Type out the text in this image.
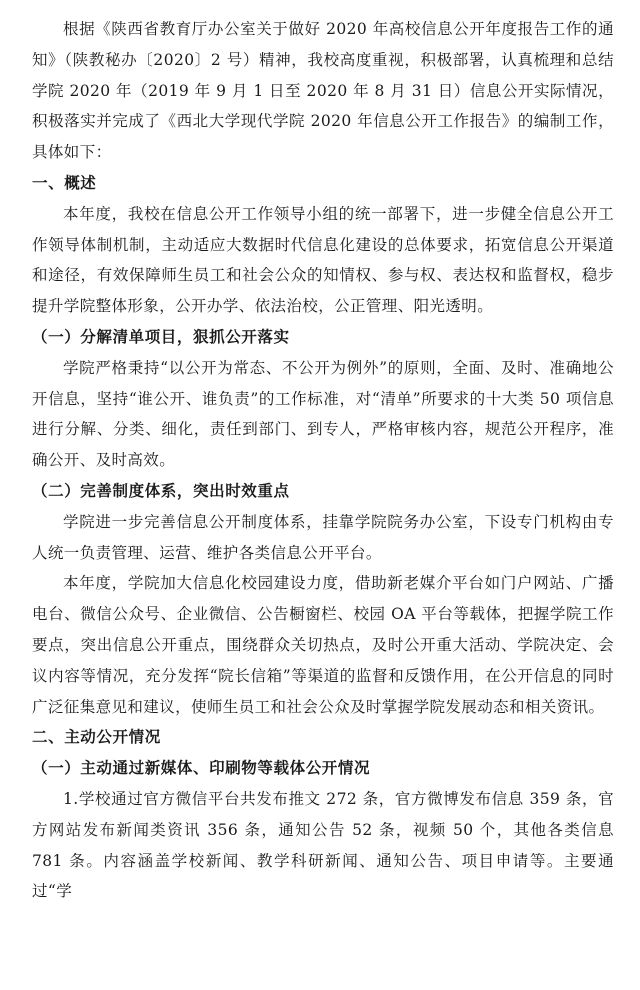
根据《陕西省教育厅办公室关于做好 2020 年高校信息公开年度报告工作的通知》（陕教秘办〔2020〕2 号）精神，我校高度重视，积极部署，认真梳理和总结学院 2020 年（2019 年 9 月 1 日至 2020 年 8 月 31 日）信息公开实际情况，积极落实并完成了《西北大学现代学院 2020 年信息公开工作报告》的编制工作，具体如下：

一、概述

本年度，我校在信息公开工作领导小组的统一部署下，进一步健全信息公开工作领导体制机制，主动适应大数据时代信息化建设的总体要求，拓宽信息公开渠道和途径，有效保障师生员工和社会公众的知情权、参与权、表达权和监督权，稳步提升学院整体形象，公开办学、依法治校，公正管理、阳光透明。

（一）分解清单项目，狠抓公开落实

学院严格秉持“以公开为常态、不公开为例外”的原则，全面、及时、准确地公开信息，坚持“谁公开、谁负责”的工作标准，对“清单”所要求的十大类 50 项信息进行分解、分类、细化，责任到部门、到专人，严格审核内容，规范公开程序，准确公开、及时高效。

（二）完善制度体系，突出时效重点

学院进一步完善信息公开制度体系，挂靠学院院务办公室，下设专门机构由专人统一负责管理、运营、维护各类信息公开平台。

本年度，学院加大信息化校园建设力度，借助新老媒介平台如门户网站、广播电台、微信公众号、企业微信、公告橱窗栏、校园 OA 平台等载体，把握学院工作要点，突出信息公开重点，围绕群众关切热点，及时公开重大活动、学院决定、会议内容等情况，充分发挥“院长信箱”等渠道的监督和反馈作用，在公开信息的同时广泛征集意见和建议，使师生员工和社会公众及时掌握学院发展动态和相关资讯。

二、主动公开情况

（一）主动通过新媒体、印刷物等载体公开情况

1.学校通过官方微信平台共发布推文 272 条，官方微博发布信息 359 条，官方网站发布新闻类资讯 356 条，通知公告 52 条，视频 50 个，其他各类信息 781 条。内容涵盖学校新闻、教学科研新闻、通知公告、项目申请等。主要通过“学
